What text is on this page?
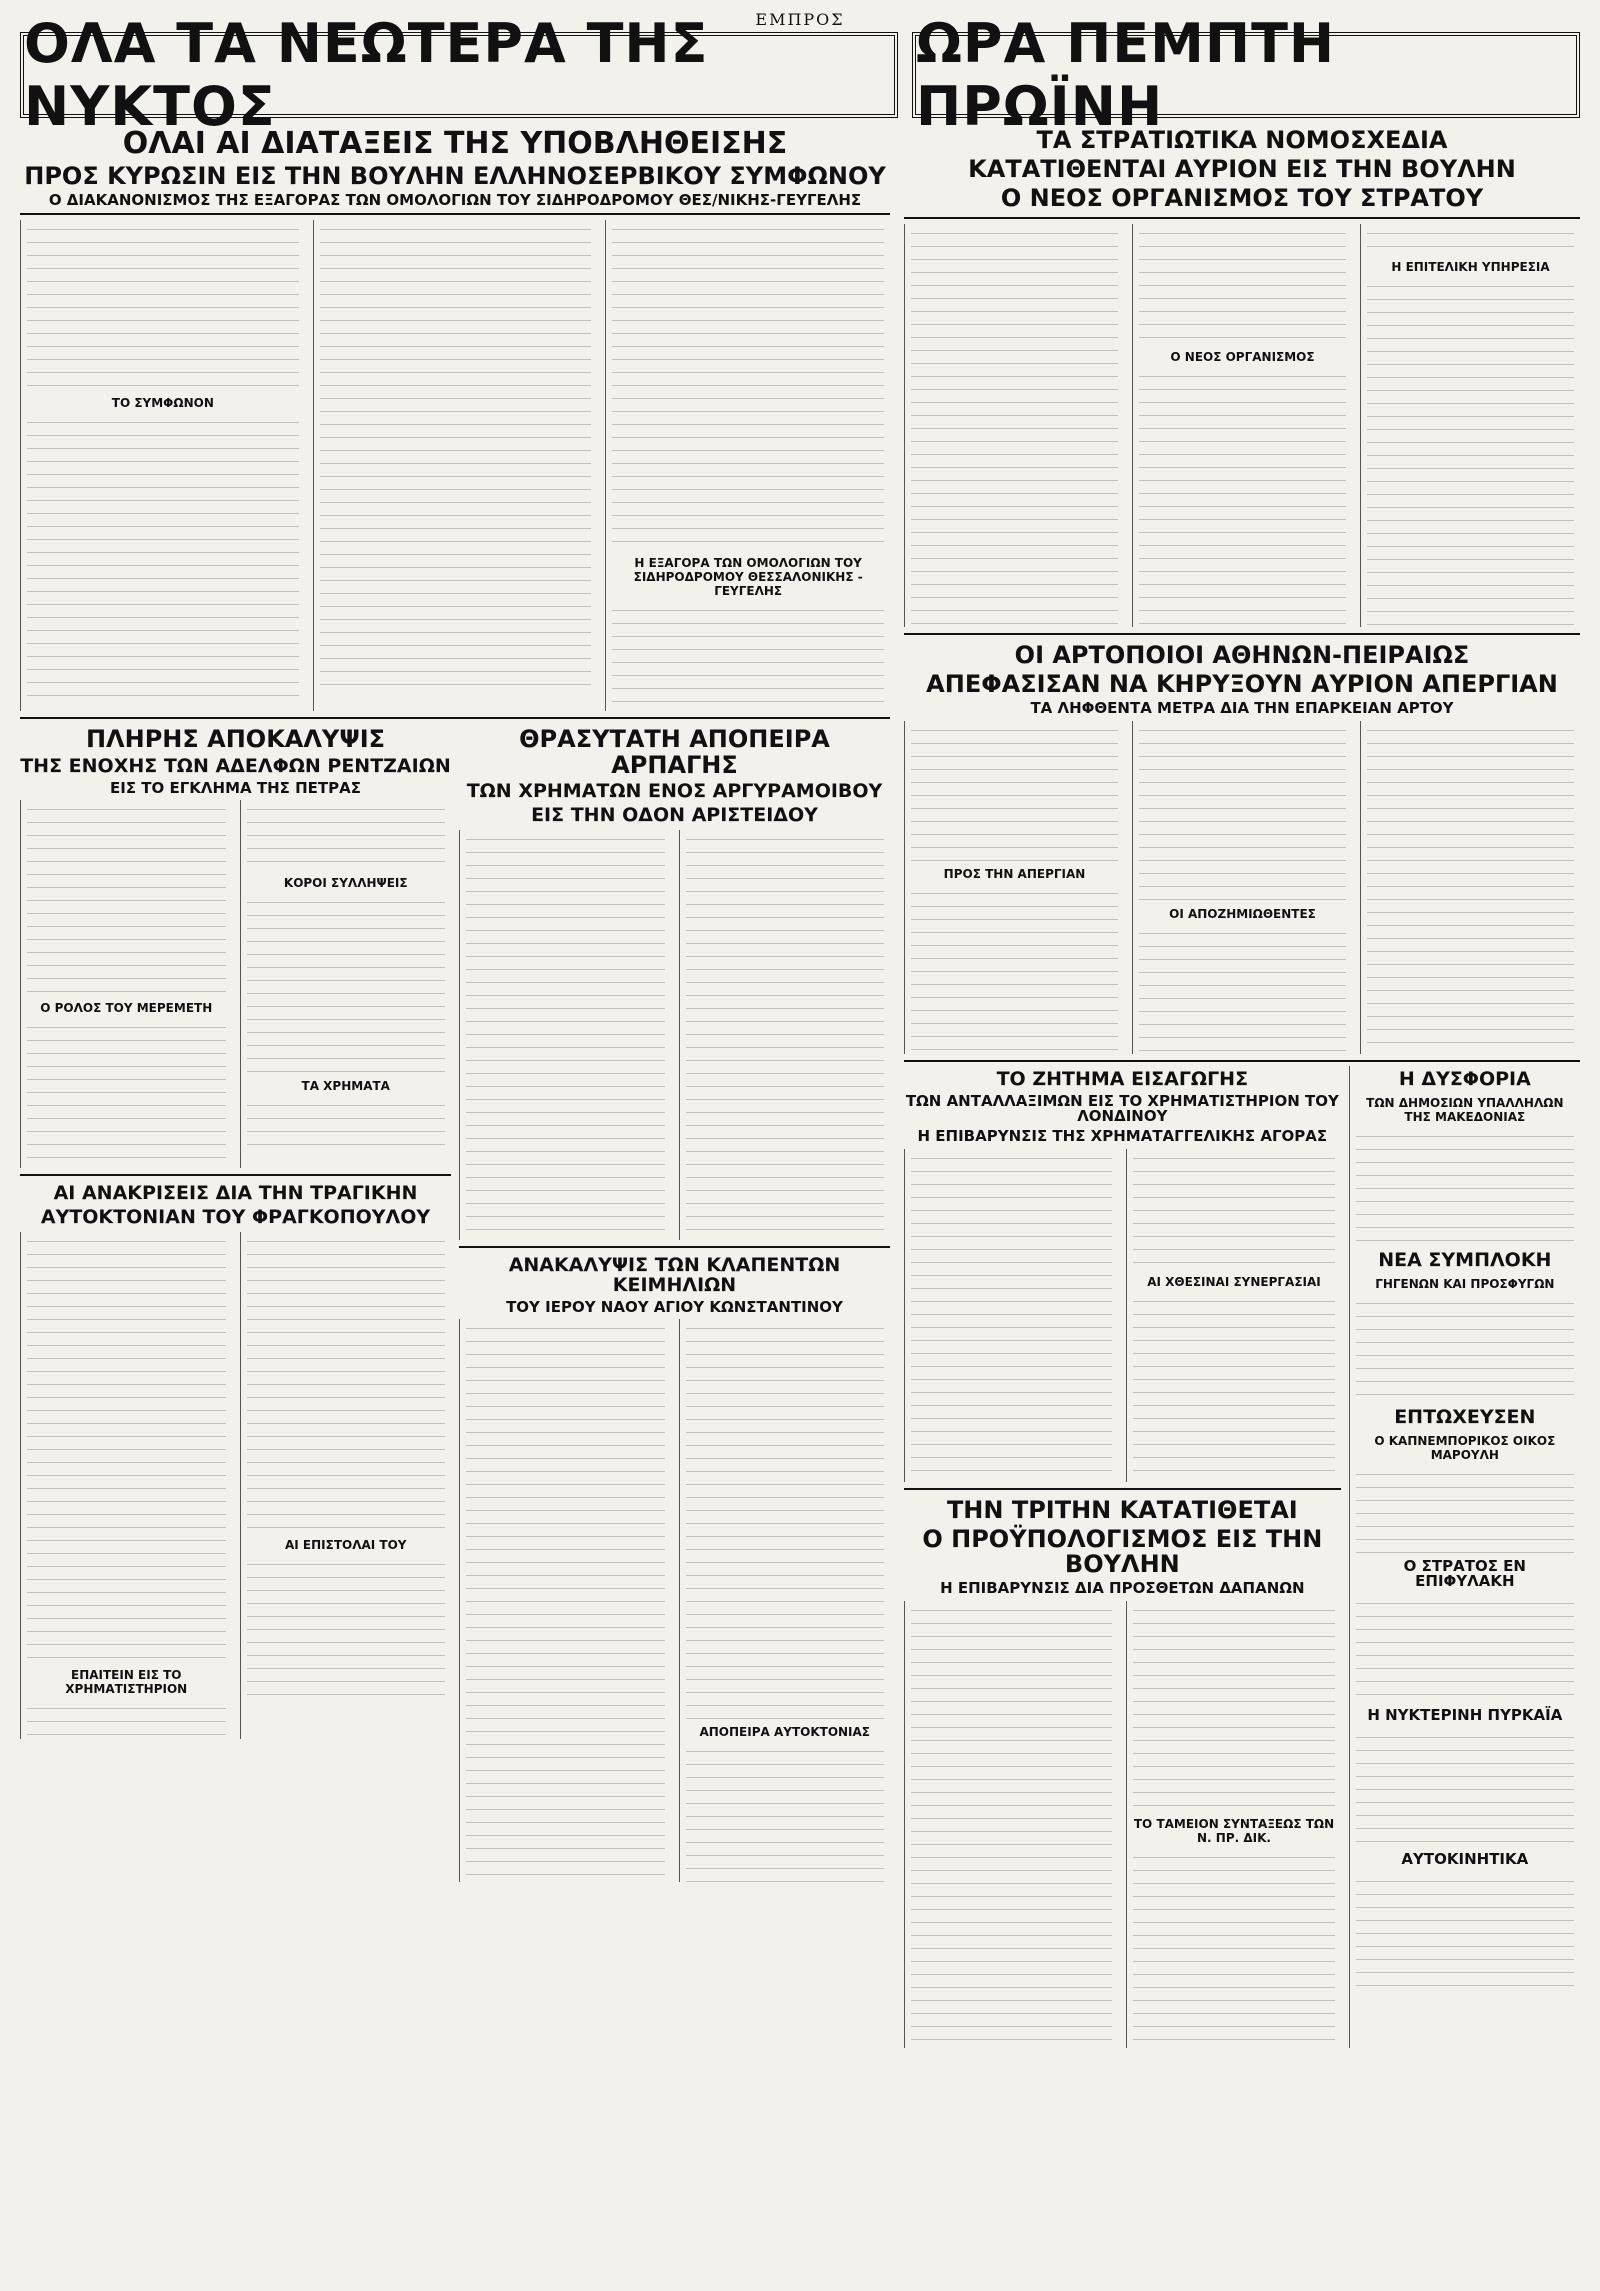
ΕΜΠΡΟΣ
ΟΛΑ ΤΑ ΝΕΩΤΕΡΑ ΤΗΣ ΝΥΚΤΟΣ
ΩΡΑ ΠΕΜΠΤΗ ΠΡΩΪΝΗ
ΟΛΑΙ ΑΙ ΔΙΑΤΑΞΕΙΣ ΤΗΣ ΥΠΟΒΛΗΘΕΙΣΗΣ
ΠΡΟΣ ΚΥΡΩΣΙΝ ΕΙΣ ΤΗΝ ΒΟΥΛΗΝ ΕΛΛΗΝΟΣΕΡΒΙΚΟΥ ΣΥΜΦΩΝΟΥ
Ο ΔΙΑΚΑΝΟΝΙΣΜΟΣ ΤΗΣ ΕΞΑΓΟΡΑΣ ΤΩΝ ΟΜΟΛΟΓΙΩΝ ΤΟΥ ΣΙΔΗΡΟΔΡΟΜΟΥ ΘΕΣ/ΝΙΚΗΣ-ΓΕΥΓΕΛΗΣ
ΤΟ ΣΥΜΦΩΝΟΝ
Η ΕΞΑΓΟΡΑ ΤΩΝ ΟΜΟΛΟΓΙΩΝ ΤΟΥ ΣΙΔΗΡΟΔΡΟΜΟΥ ΘΕΣΣΑΛΟΝΙΚΗΣ - ΓΕΥΓΕΛΗΣ
ΠΛΗΡΗΣ ΑΠΟΚΑΛΥΨΙΣ
ΤΗΣ ΕΝΟΧΗΣ ΤΩΝ ΑΔΕΛΦΩΝ ΡΕΝΤΖΑΙΩΝ
ΕΙΣ ΤΟ ΕΓΚΛΗΜΑ ΤΗΣ ΠΕΤΡΑΣ
Ο ΡΟΛΟΣ ΤΟΥ ΜΕΡΕΜΕΤΗ
ΚΟΡΟΙ ΣΥΛΛΗΨΕΙΣ
ΤΑ ΧΡΗΜΑΤΑ
ΑΙ ΑΝΑΚΡΙΣΕΙΣ ΔΙΑ ΤΗΝ ΤΡΑΓΙΚΗΝ
ΑΥΤΟΚΤΟΝΙΑΝ ΤΟΥ ΦΡΑΓΚΟΠΟΥΛΟΥ
ΕΠΑΙΤΕΙΝ ΕΙΣ ΤΟ ΧΡΗΜΑΤΙΣΤΗΡΙΟΝ
ΑΙ ΕΠΙΣΤΟΛΑΙ ΤΟΥ
ΘΡΑΣΥΤΑΤΗ ΑΠΟΠΕΙΡΑ ΑΡΠΑΓΗΣ
ΤΩΝ ΧΡΗΜΑΤΩΝ ΕΝΟΣ ΑΡΓΥΡΑΜΟΙΒΟΥ
ΕΙΣ ΤΗΝ ΟΔΟΝ ΑΡΙΣΤΕΙΔΟΥ
ΑΝΑΚΑΛΥΨΙΣ ΤΩΝ ΚΛΑΠΕΝΤΩΝ ΚΕΙΜΗΛΙΩΝ
ΤΟΥ ΙΕΡΟΥ ΝΑΟΥ ΑΓΙΟΥ ΚΩΝΣΤΑΝΤΙΝΟΥ
ΑΠΟΠΕΙΡΑ ΑΥΤΟΚΤΟΝΙΑΣ
ΤΑ ΣΤΡΑΤΙΩΤΙΚΑ ΝΟΜΟΣΧΕΔΙΑ
ΚΑΤΑΤΙΘΕΝΤΑΙ ΑΥΡΙΟΝ ΕΙΣ ΤΗΝ ΒΟΥΛΗΝ
Ο ΝΕΟΣ ΟΡΓΑΝΙΣΜΟΣ ΤΟΥ ΣΤΡΑΤΟΥ
Ο ΝΕΟΣ ΟΡΓΑΝΙΣΜΟΣ
Η ΕΠΙΤΕΛΙΚΗ ΥΠΗΡΕΣΙΑ
ΟΙ ΑΡΤΟΠΟΙΟΙ ΑΘΗΝΩΝ-ΠΕΙΡΑΙΩΣ
ΑΠΕΦΑΣΙΣΑΝ ΝΑ ΚΗΡΥΞΟΥΝ ΑΥΡΙΟΝ ΑΠΕΡΓΙΑΝ
ΤΑ ΛΗΦΘΕΝΤΑ ΜΕΤΡΑ ΔΙΑ ΤΗΝ ΕΠΑΡΚΕΙΑΝ ΑΡΤΟΥ
ΠΡΟΣ ΤΗΝ ΑΠΕΡΓΙΑΝ
ΟΙ ΑΠΟΖΗΜΙΩΘΕΝΤΕΣ
ΤΟ ΖΗΤΗΜΑ ΕΙΣΑΓΩΓΗΣ
ΤΩΝ ΑΝΤΑΛΛΑΞΙΜΩΝ ΕΙΣ ΤΟ ΧΡΗΜΑΤΙΣΤΗΡΙΟΝ ΤΟΥ ΛΟΝΔΙΝΟΥ
Η ΕΠΙΒΑΡΥΝΣΙΣ ΤΗΣ ΧΡΗΜΑΤΑΓΓΕΛΙΚΗΣ ΑΓΟΡΑΣ
ΑΙ ΧΘΕΣΙΝΑΙ ΣΥΝΕΡΓΑΣΙΑΙ
ΤΗΝ ΤΡΙΤΗΝ ΚΑΤΑΤΙΘΕΤΑΙ
Ο ΠΡΟΫΠΟΛΟΓΙΣΜΟΣ ΕΙΣ ΤΗΝ ΒΟΥΛΗΝ
Η ΕΠΙΒΑΡΥΝΣΙΣ ΔΙΑ ΠΡΟΣΘΕΤΩΝ ΔΑΠΑΝΩΝ
ΤΟ ΤΑΜΕΙΟΝ ΣΥΝΤΑΞΕΩΣ ΤΩΝ Ν. ΠΡ. ΔΙΚ.
Η ΔΥΣΦΟΡΙΑ
ΤΩΝ ΔΗΜΟΣΙΩΝ ΥΠΑΛΛΗΛΩΝ ΤΗΣ ΜΑΚΕΔΟΝΙΑΣ
ΝΕΑ ΣΥΜΠΛΟΚΗ
ΓΗΓΕΝΩΝ ΚΑΙ ΠΡΟΣΦΥΓΩΝ
ΕΠΤΩΧΕΥΣΕΝ
Ο ΚΑΠΝΕΜΠΟΡΙΚΟΣ ΟΙΚΟΣ ΜΑΡΟΥΛΗ
Ο ΣΤΡΑΤΟΣ ΕΝ ΕΠΙΦΥΛΑΚΗ
Η ΝΥΚΤΕΡΙΝΗ ΠΥΡΚΑΪΑ
ΑΥΤΟΚΙΝΗΤΙΚΑ
